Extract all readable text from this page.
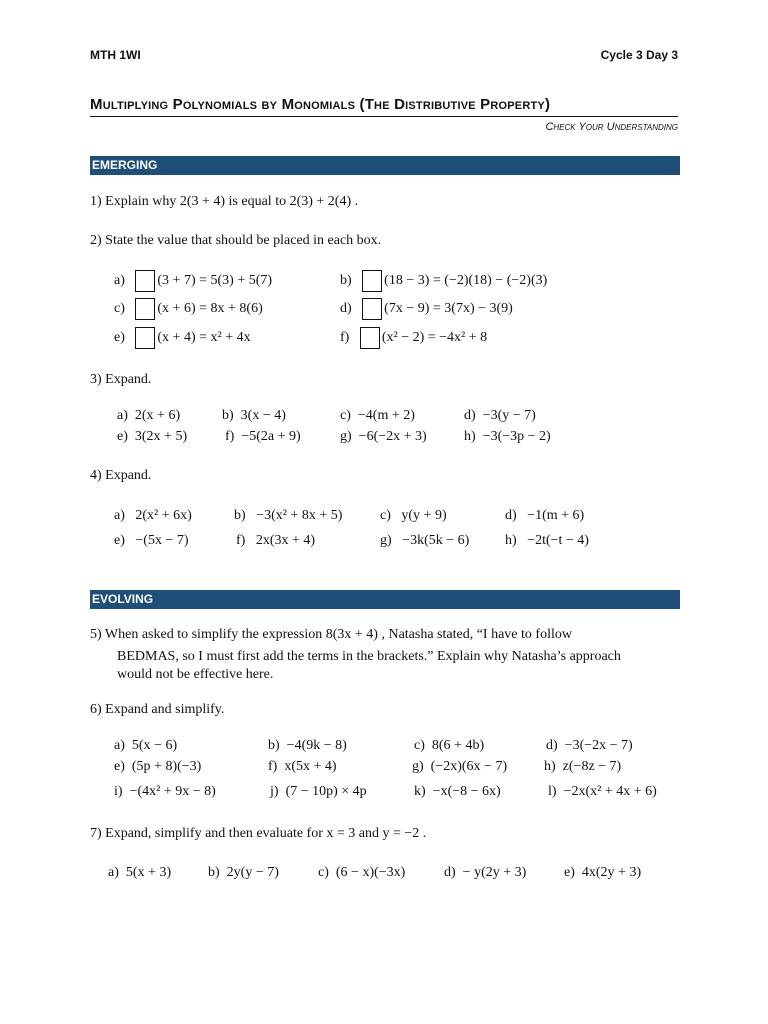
MTH 1WI	Cycle 3 Day 3
Multiplying Polynomials by Monomials (The Distributive Property)
Check Your Understanding
EMERGING
1) Explain why 2(3 + 4) is equal to 2(3) + 2(4) .
2) State the value that should be placed in each box.
a) (3 + 7) = 5(3) + 5(7)	b) (18 − 3) = (−2)(18) − (−2)(3)
c) (x + 6) = 8x + 8(6)	d) (7x − 9) = 3(7x) − 3(9)
e) (x + 4) = x² + 4x	f) (x² − 2) = −4x² + 8
3) Expand.
a) 2(x + 6)	b) 3(x − 4)	c) −4(m + 2)	d) −3(y − 7)
e) 3(2x + 5)	f) −5(2a + 9)	g) −6(−2x + 3)	h) −3(−3p − 2)
4) Expand.
a) 2(x² + 6x)	b) −3(x² + 8x + 5)	c) y(y + 9)	d) −1(m + 6)
e) −(5x − 7)	f) 2x(3x + 4)	g) −3k(5k − 6)	h) −2t(−t − 4)
EVOLVING
5) When asked to simplify the expression 8(3x + 4) , Natasha stated, “I have to follow
BEDMAS, so I must first add the terms in the brackets.” Explain why Natasha’s approach
would not be effective here.
6) Expand and simplify.
a) 5(x − 6)	b) −4(9k − 8)	c) 8(6 + 4b)	d) −3(−2x − 7)
e) (5p + 8)(−3)	f) x(5x + 4)	g) (−2x)(6x − 7)	h) z(−8z − 7)
i) −(4x² + 9x − 8)	j) (7 − 10p) × 4p	k) −x(−8 − 6x)	l) −2x(x² + 4x + 6)
7) Expand, simplify and then evaluate for x = 3 and y = −2 .
a) 5(x + 3)	b) 2y(y − 7)	c) (6 − x)(−3x)	d) − y(2y + 3)	e) 4x(2y + 3)
